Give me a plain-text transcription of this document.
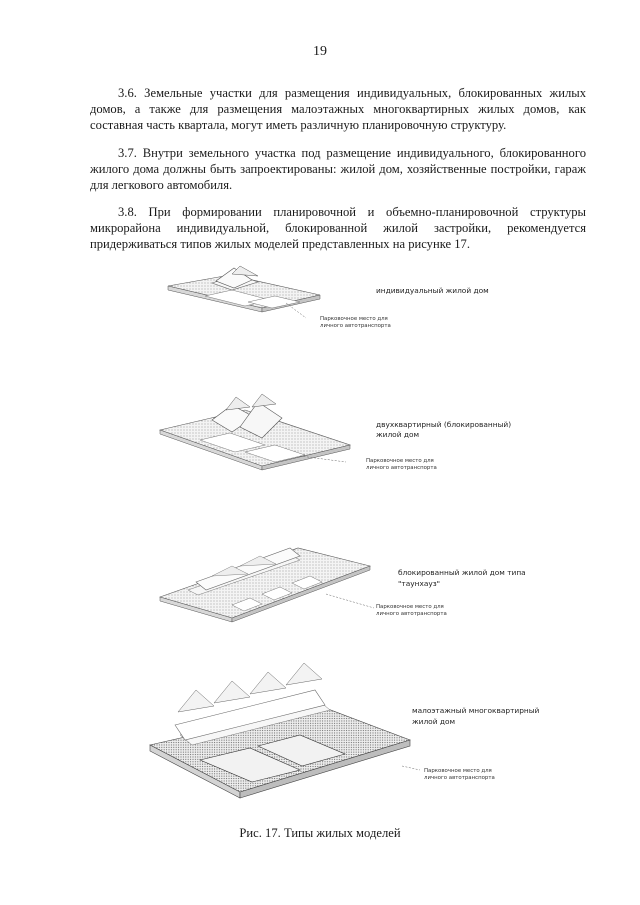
19

3.6. Земельные участки для размещения индивидуальных, блокированных жилых домов, а также для размещения малоэтажных многоквартирных жилых домов, как составная часть квартала, могут иметь различную планировочную структуру.

3.7. Внутри земельного участка под размещение индивидуального, блокированного жилого дома должны быть запроектированы: жилой дом, хозяйственные постройки, гараж для легкового автомобиля.

3.8. При формировании планировочной и объемно-планировочной структуры микрорайона индивидуальной, блокированной жилой застройки, рекомендуется придерживаться типов жилых моделей представленных на рисунке 17.

индивидуальный жилой дом
Парковочное место для
личного автотранспорта
двухквартирный (блокированный)
жилой дом
Парковочное место для
личного автотранспорта
блокированный жилой дом типа
"таунхауз"
Парковочное место для
личного автотранспорта
малоэтажный многоквартирный
жилой дом
Парковочное место для
личного автотранспорта
Рис. 17. Типы жилых моделей
